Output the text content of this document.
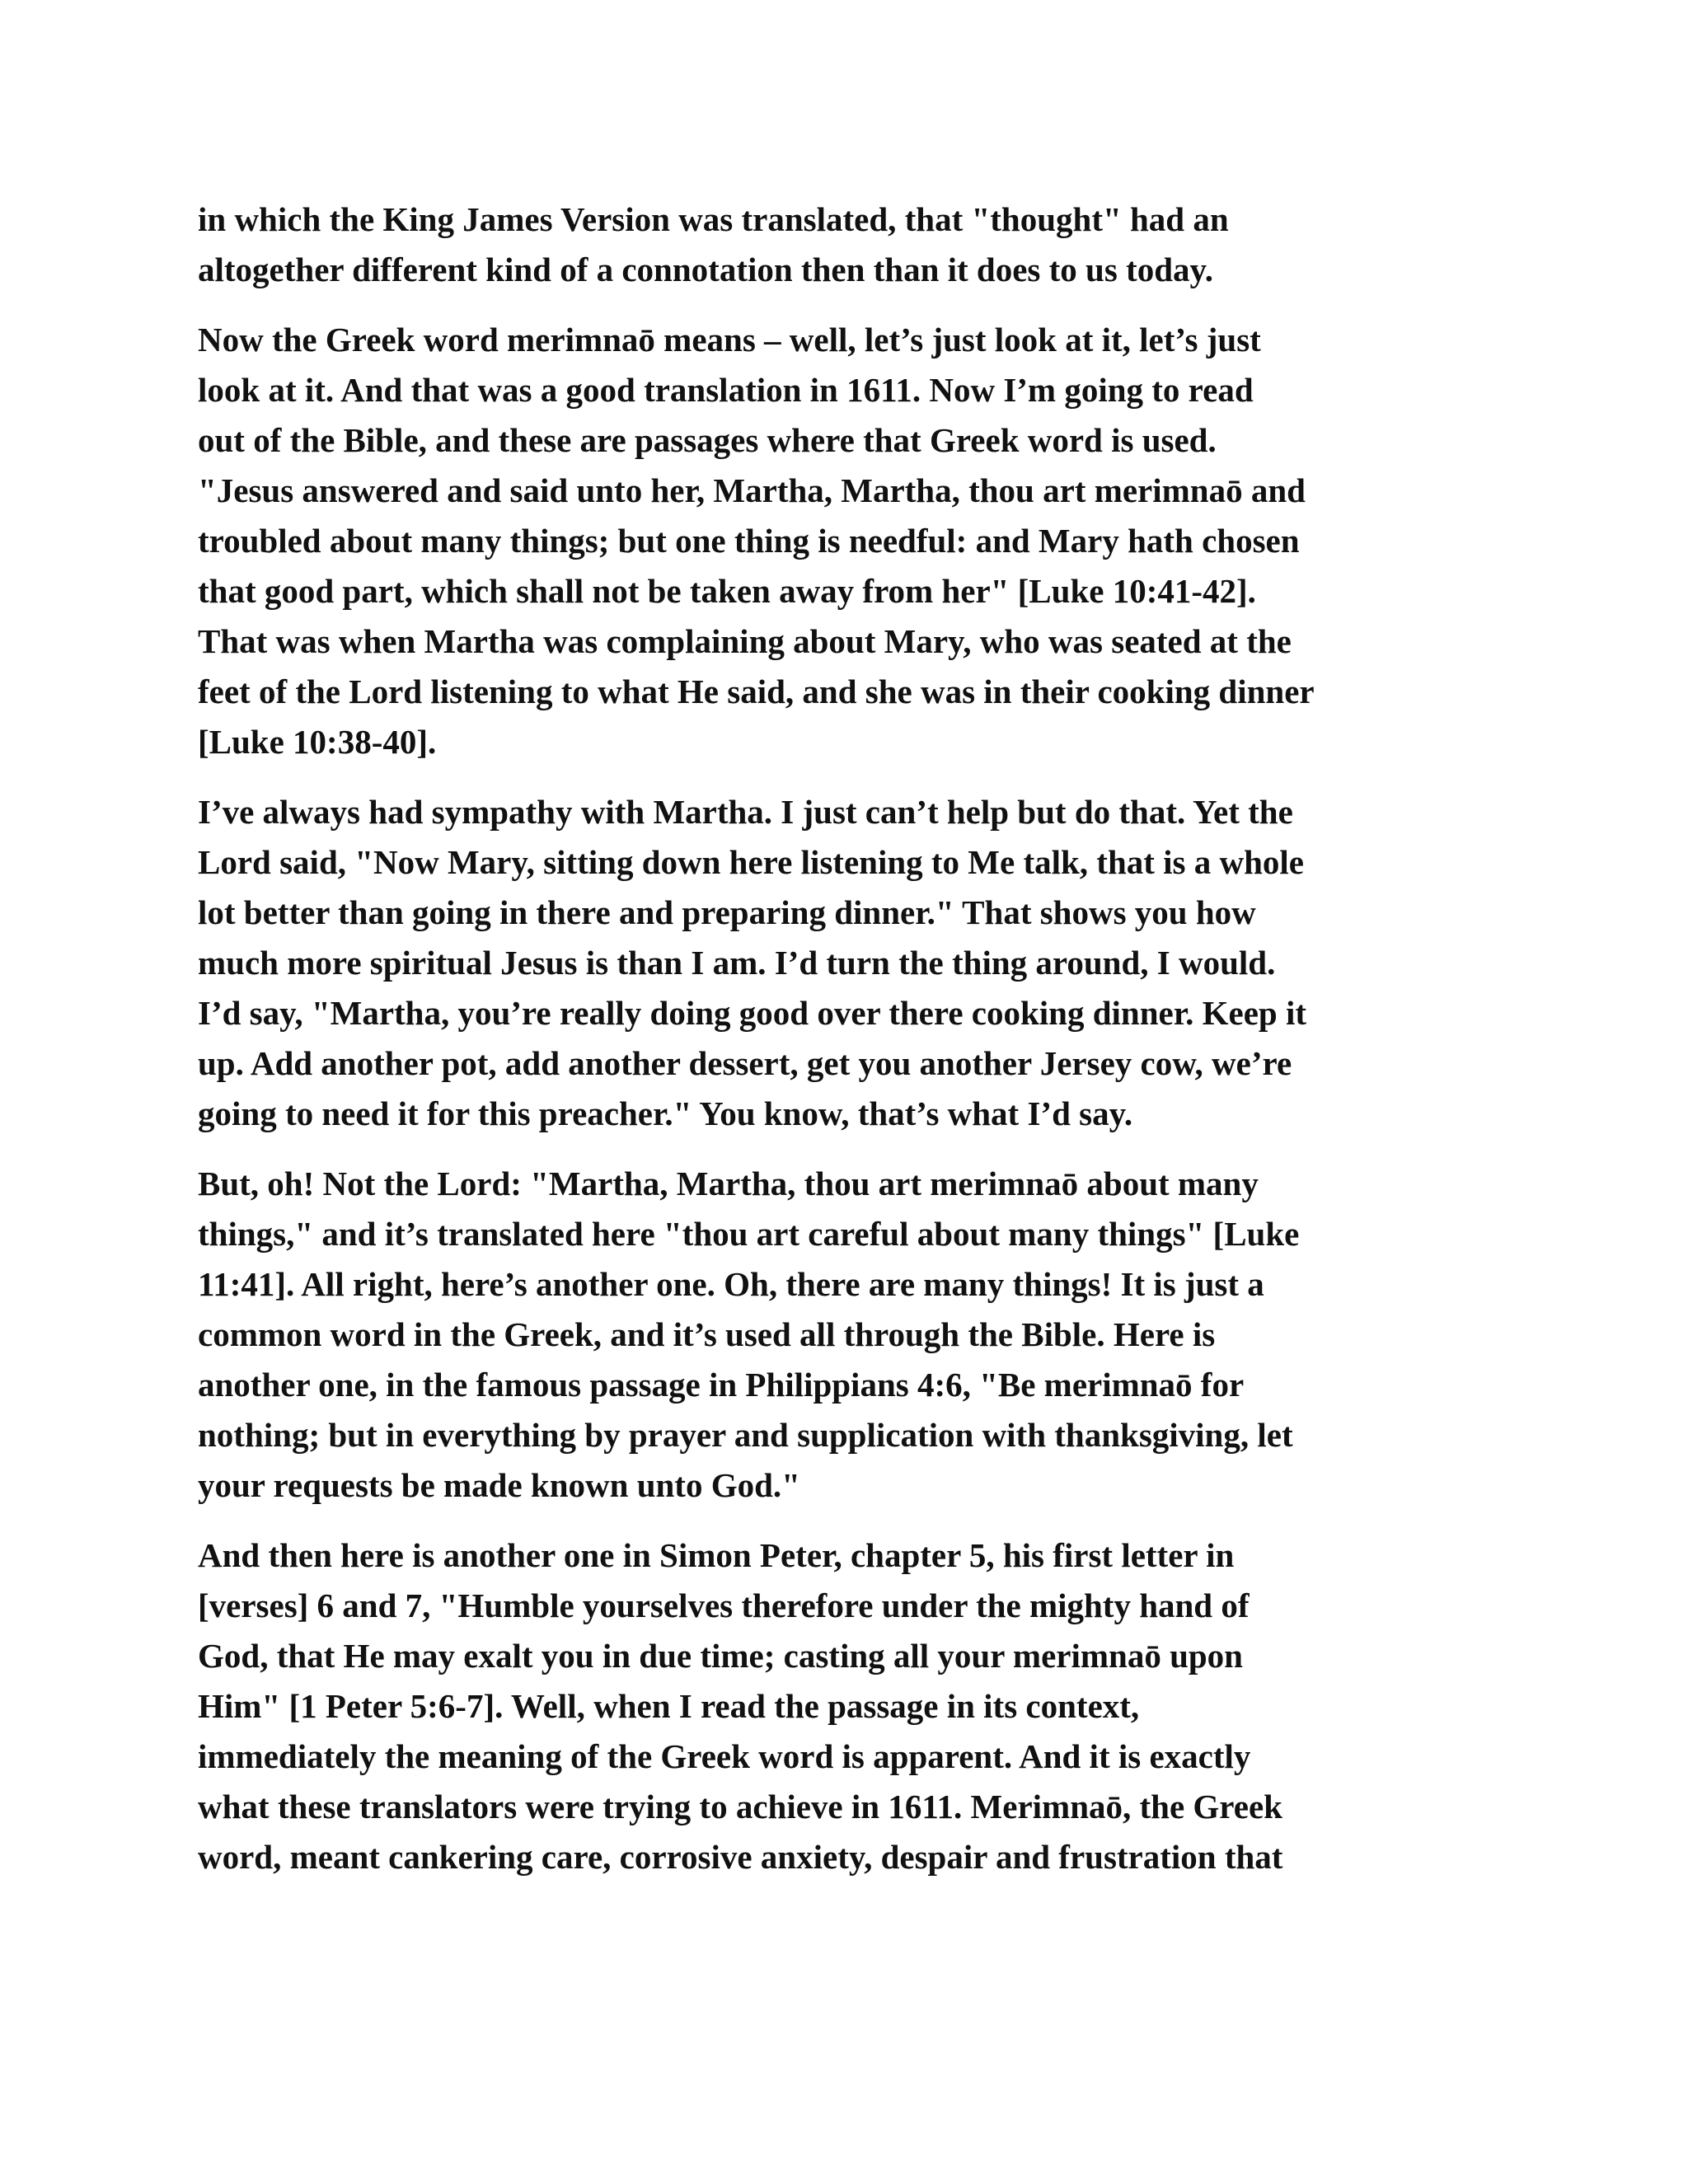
in which the King James Version was translated, that "thought" had an
altogether different kind of a connotation then than it does to us today.

Now the Greek word merimnaō means – well, let’s just look at it, let’s just
look at it. And that was a good translation in 1611. Now I’m going to read
out of the Bible, and these are passages where that Greek word is used.
"Jesus answered and said unto her, Martha, Martha, thou art merimnaō and
troubled about many things; but one thing is needful: and Mary hath chosen
that good part, which shall not be taken away from her" [Luke 10:41-42].
That was when Martha was complaining about Mary, who was seated at the
feet of the Lord listening to what He said, and she was in their cooking dinner
[Luke 10:38-40].

I’ve always had sympathy with Martha. I just can’t help but do that. Yet the
Lord said, "Now Mary, sitting down here listening to Me talk, that is a whole
lot better than going in there and preparing dinner." That shows you how
much more spiritual Jesus is than I am. I’d turn the thing around, I would.
I’d say, "Martha, you’re really doing good over there cooking dinner. Keep it
up. Add another pot, add another dessert, get you another Jersey cow, we’re
going to need it for this preacher." You know, that’s what I’d say.

But, oh! Not the Lord: "Martha, Martha, thou art merimnaō about many
things," and it’s translated here "thou art careful about many things" [Luke
11:41]. All right, here’s another one. Oh, there are many things! It is just a
common word in the Greek, and it’s used all through the Bible. Here is
another one, in the famous passage in Philippians 4:6, "Be merimnaō for
nothing; but in everything by prayer and supplication with thanksgiving, let
your requests be made known unto God."

And then here is another one in Simon Peter, chapter 5, his first letter in
[verses] 6 and 7, "Humble yourselves therefore under the mighty hand of
God, that He may exalt you in due time; casting all your merimnaō upon
Him" [1 Peter 5:6-7]. Well, when I read the passage in its context,
immediately the meaning of the Greek word is apparent. And it is exactly
what these translators were trying to achieve in 1611. Merimnaō, the Greek
word, meant cankering care, corrosive anxiety, despair and frustration that
